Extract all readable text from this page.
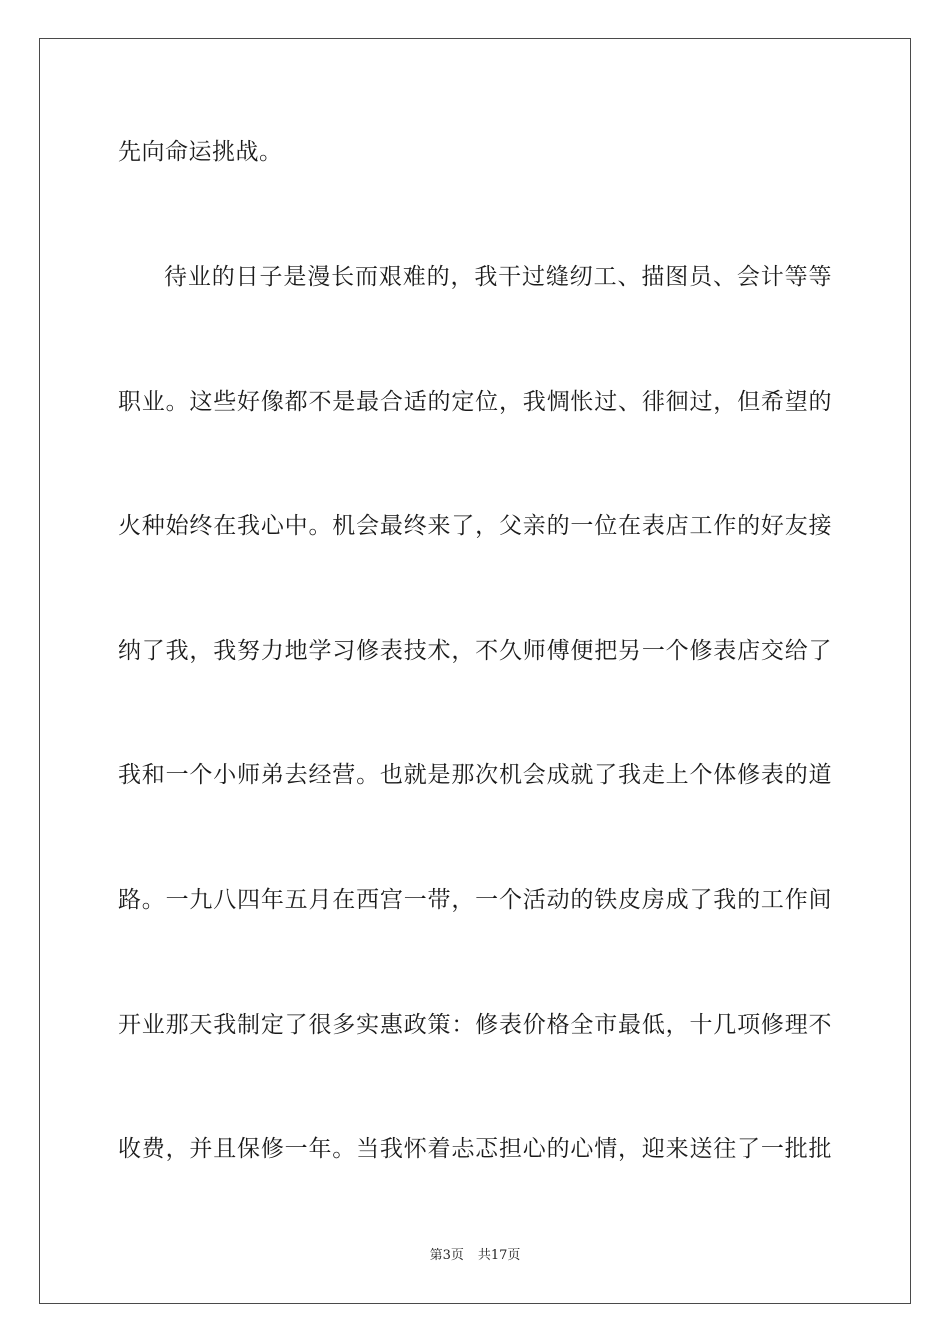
先向命运挑战。
待业的日子是漫长而艰难的，我干过缝纫工、描图员、会计等等
职业。这些好像都不是最合适的定位，我惆怅过、徘徊过，但希望的
火种始终在我心中。机会最终来了，父亲的一位在表店工作的好友接
纳了我，我努力地学习修表技术，不久师傅便把另一个修表店交给了
我和一个小师弟去经营。也就是那次机会成就了我走上个体修表的道
路。一九八四年五月在西宫一带，一个活动的铁皮房成了我的工作间
开业那天我制定了很多实惠政策：修表价格全市最低，十几项修理不
收费，并且保修一年。当我怀着忐忑担心的心情，迎来送往了一批批
第3页 共17页
